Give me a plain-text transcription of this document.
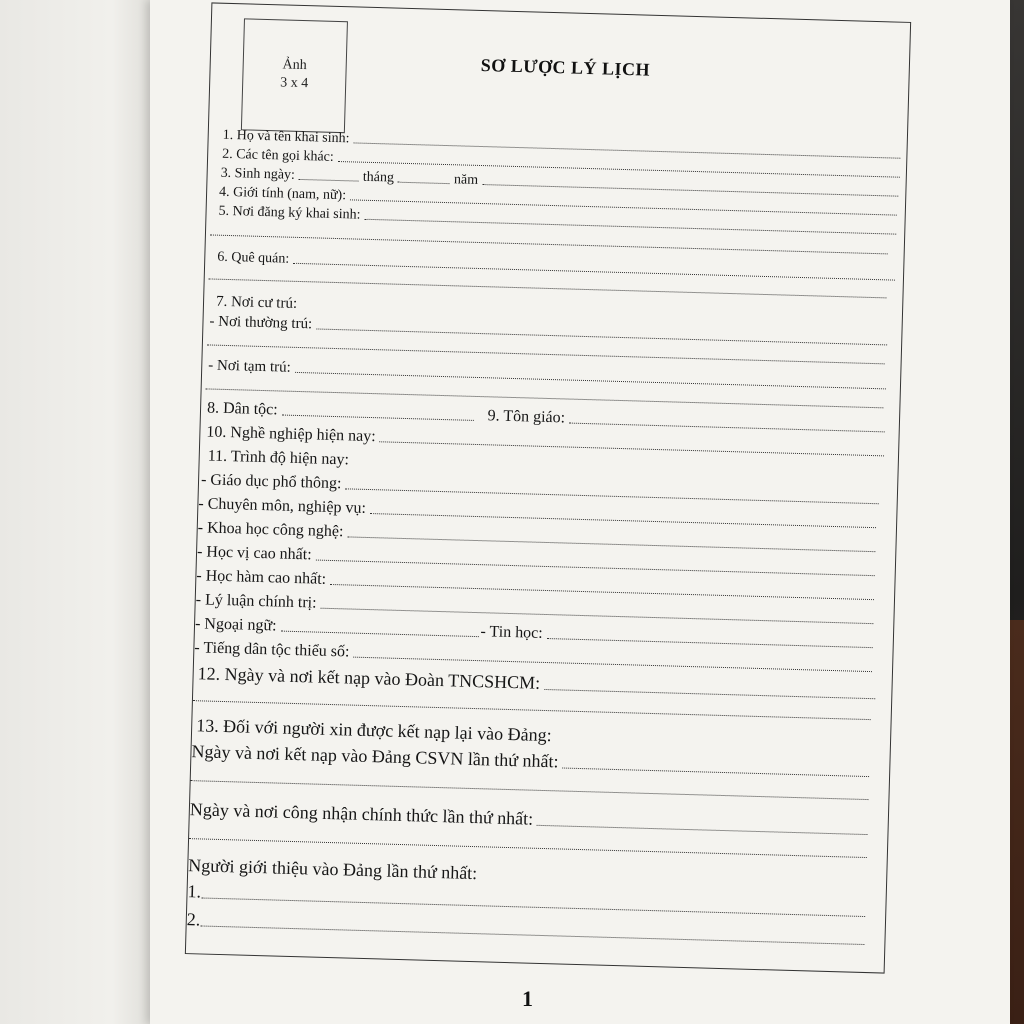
Ảnh
3 x 4
SƠ LƯỢC LÝ LỊCH
1. Họ và tên khai sinh:
2. Các tên gọi khác:
3. Sinh ngày:	tháng	năm
4. Giới tính (nam, nữ):
5. Nơi đăng ký khai sinh:
6. Quê quán:
7. Nơi cư trú:
- Nơi thường trú:
- Nơi tạm trú:
8. Dân tộc:	9. Tôn giáo:
10. Nghề nghiệp hiện nay:
11. Trình độ hiện nay:
- Giáo dục phổ thông:
- Chuyên môn, nghiệp vụ:
- Khoa học công nghệ:
- Học vị cao nhất:
- Học hàm cao nhất:
- Lý luận chính trị:
- Ngoại ngữ:	- Tin học:
- Tiếng dân tộc thiểu số:
12. Ngày và nơi kết nạp vào Đoàn TNCSHCM:
13. Đối với người xin được kết nạp lại vào Đảng:
Ngày và nơi kết nạp vào Đảng CSVN lần thứ nhất:
Ngày và nơi công nhận chính thức lần thứ nhất:
Người giới thiệu vào Đảng lần thứ nhất:
1.
2.
1
